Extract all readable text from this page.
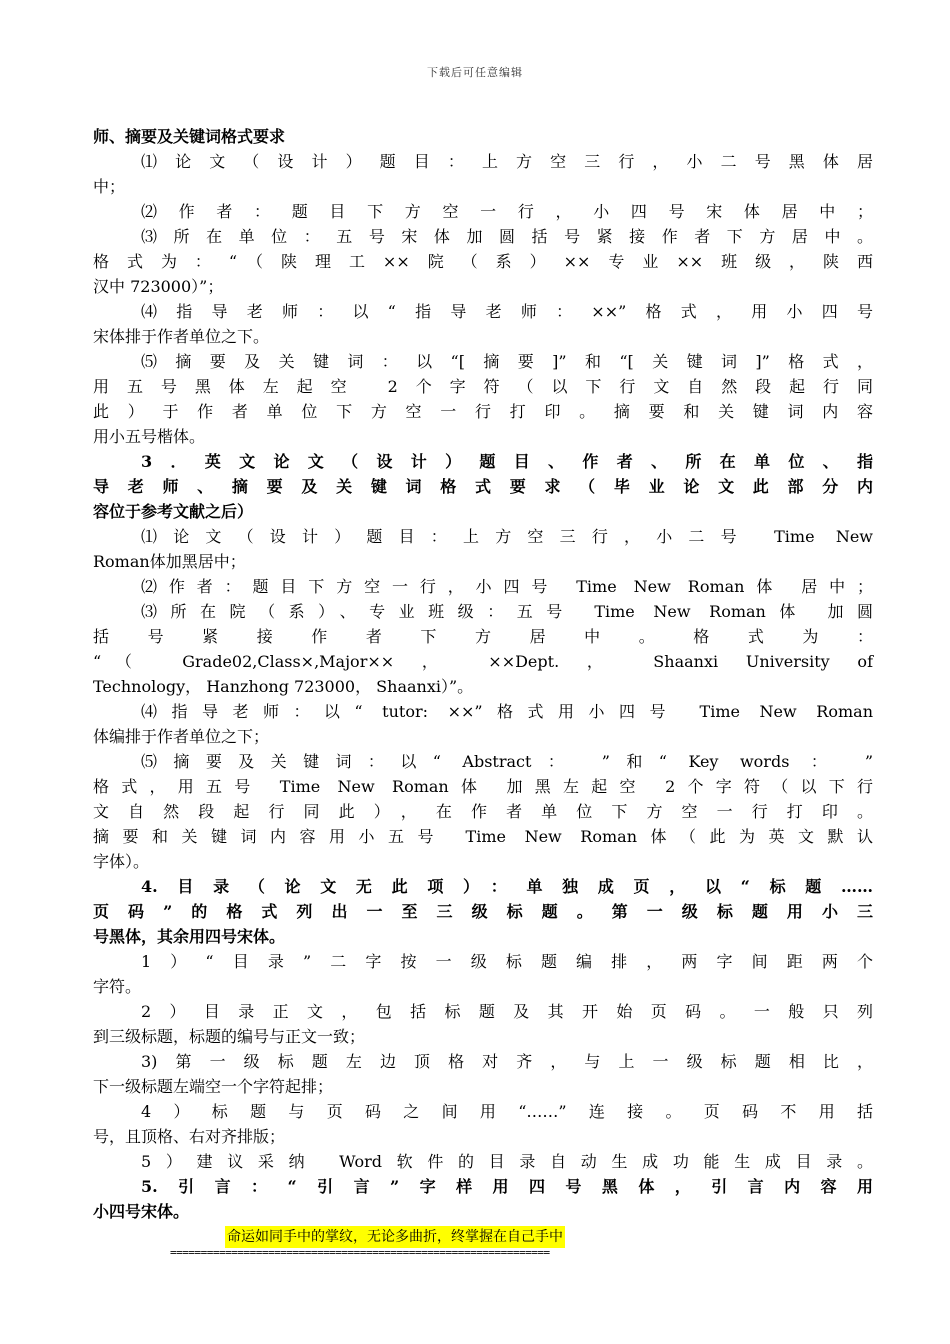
下载后可任意编辑
师、摘要及关键词格式要求
⑴论文（设计）题目：上方空三行，小二号黑体居
中；
⑵作者：题目下方空一行，小四号宋体居中；
⑶所在单位：五号宋体加圆括号紧接作者下方居中。
格式为：“（陕理工××院（系）××专业××班级，陕西
汉中 723000）”；
⑷指导老师：以“指导老师：××”格式，用小四号
宋体排于作者单位之下。
⑸摘要及关键词：以“[摘要]”和“[关键词]”格式，
用五号黑体左起空 2个字符（以下行文自然段起行同
此）于作者单位下方空一行打印。摘要和关键词内容
用小五号楷体。
3．英文论文（设计）题目、作者、所在单位、指
导老师、摘要及关键词格式要求（毕业论文此部分内
容位于参考文献之后）
⑴论文（设计）题目：上方空三行，小二号 Time New
Roman体加黑居中；
⑵作者：题目下方空一行，小四号 Time New Roman体 居中；
⑶所在院（系）、专业班级：五号 Time New Roman体 加圆
括号紧接作者下方居中。格式为：
“（ Grade02,Class×,Major×× ， ××Dept. ， Shaanxi University of
Technology， Hanzhong 723000， Shaanxi）”。
⑷指导老师：以“ tutor: ××”格式用小四号 Time New Roman
体编排于作者单位之下；
⑸摘要及关键词：以“ Abstract： ”和“ Key words ： ”
格式，用五号 Time New Roman体 加黑左起空 2个字符（以下行
文自然段起行同此），在作者单位下方空一行打印。
摘要和关键词内容用小五号 Time New Roman体（此为英文默认
字体）。
4.目录（论文无此项）：单独成页，以“标题……
页码”的格式列出一至三级标题。第一级标题用小三
号黑体，其余用四号宋体。
1）“目录”二字按一级标题编排，两字间距两个
字符。
2）目录正文，包括标题及其开始页码。一般只列
到三级标题，标题的编号与正文一致；
3)第一级标题左边顶格对齐，与上一级标题相比，
下一级标题左端空一个字符起排；
4）标题与页码之间用“……”连接。页码不用括
号，且顶格、右对齐排版；
5）建议采纳 Word软件的目录自动生成功能生成目录。
5.引言：“引言”字样用四号黑体，引言内容用
小四号宋体。
命运如同手中的掌纹，无论多曲折，终掌握在自己手中
==============================================================
